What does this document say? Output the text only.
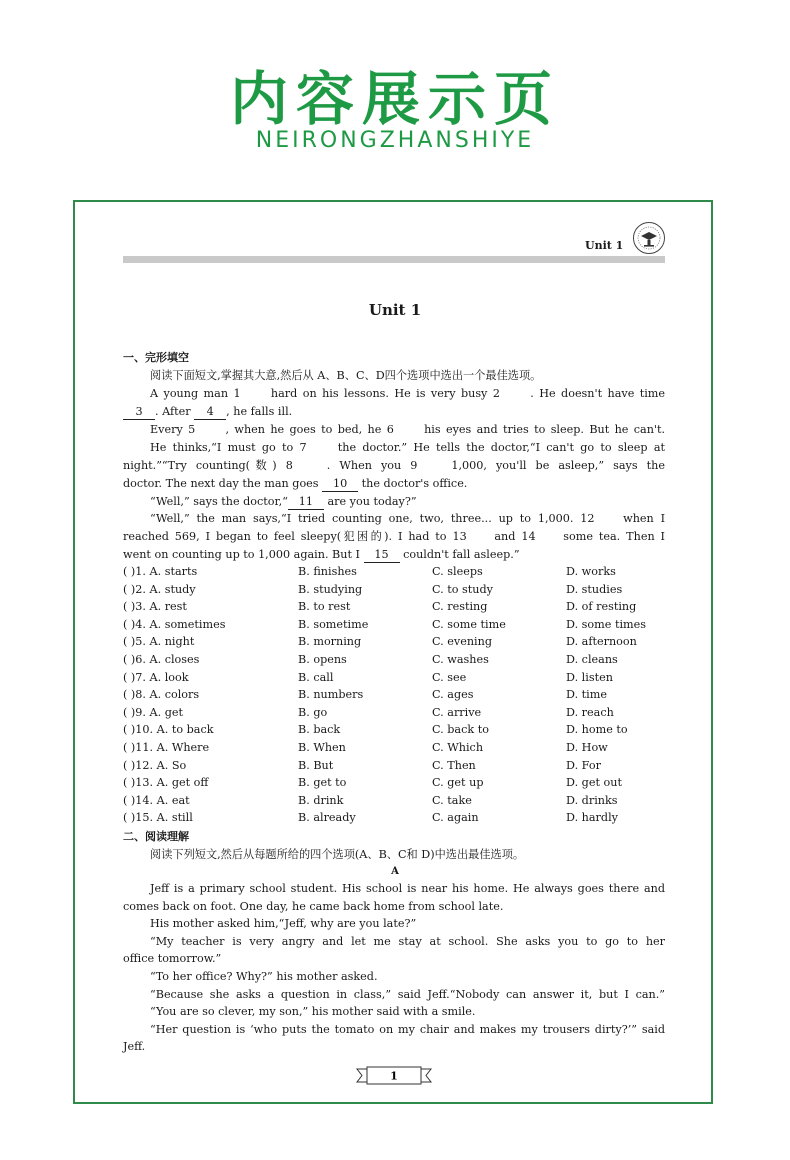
内容展示页
NEIRONGZHANSHIYE
Unit 1
Unit 1
一、完形填空
阅读下面短文,掌握其大意,然后从 A、B、C、D四个选项中选出一个最佳选项。
A young man 1	hard on his lessons. He is very busy 2	. He doesn't have time
3 . After 4 , he falls ill.
Every 5	, when he goes to bed, he 6	his eyes and tries to sleep. But he can't.
He thinks,“I must go to 7	the doctor.” He tells the doctor,“I can't go to sleep at
night.”“Try counting(数) 8	. When you 9	1,000, you'll be asleep,” says the
doctor. The next day the man goes 10 the doctor's office.
“Well,” says the doctor,“ 11 are you today?”
“Well,” the man says,“I tried counting one, two, three... up to 1,000. 12	when I
reached 569, I began to feel sleepy(犯困的). I had to 13 and 14 some tea. Then I
went on counting up to 1,000 again. But I 15 couldn't fall asleep.”
( )1. A. starts	B. finishes	C. sleeps	D. works
( )2. A. study	B. studying	C. to study	D. studies
( )3. A. rest	B. to rest	C. resting	D. of resting
( )4. A. sometimes	B. sometime	C. some time	D. some times
( )5. A. night	B. morning	C. evening	D. afternoon
( )6. A. closes	B. opens	C. washes	D. cleans
( )7. A. look	B. call	C. see	D. listen
( )8. A. colors	B. numbers	C. ages	D. time
( )9. A. get	B. go	C. arrive	D. reach
( )10. A. to back	B. back	C. back to	D. home to
( )11. A. Where	B. When	C. Which	D. How
( )12. A. So	B. But	C. Then	D. For
( )13. A. get off	B. get to	C. get up	D. get out
( )14. A. eat	B. drink	C. take	D. drinks
( )15. A. still	B. already	C. again	D. hardly
二、阅读理解
阅读下列短文,然后从每题所给的四个选项(A、B、C和 D)中选出最佳选项。
A
Jeff is a primary school student. His school is near his home. He always goes there and
comes back on foot. One day, he came back home from school late.
His mother asked him,“Jeff, why are you late?”
“My teacher is very angry and let me stay at school. She asks you to go to her
office tomorrow.”
“To her office? Why?” his mother asked.
“Because she asks a question in class,” said Jeff.“Nobody can answer it, but I can.”
“You are so clever, my son,” his mother said with a smile.
“Her question is ‘who puts the tomato on my chair and makes my trousers dirty?’” said
Jeff.
1
